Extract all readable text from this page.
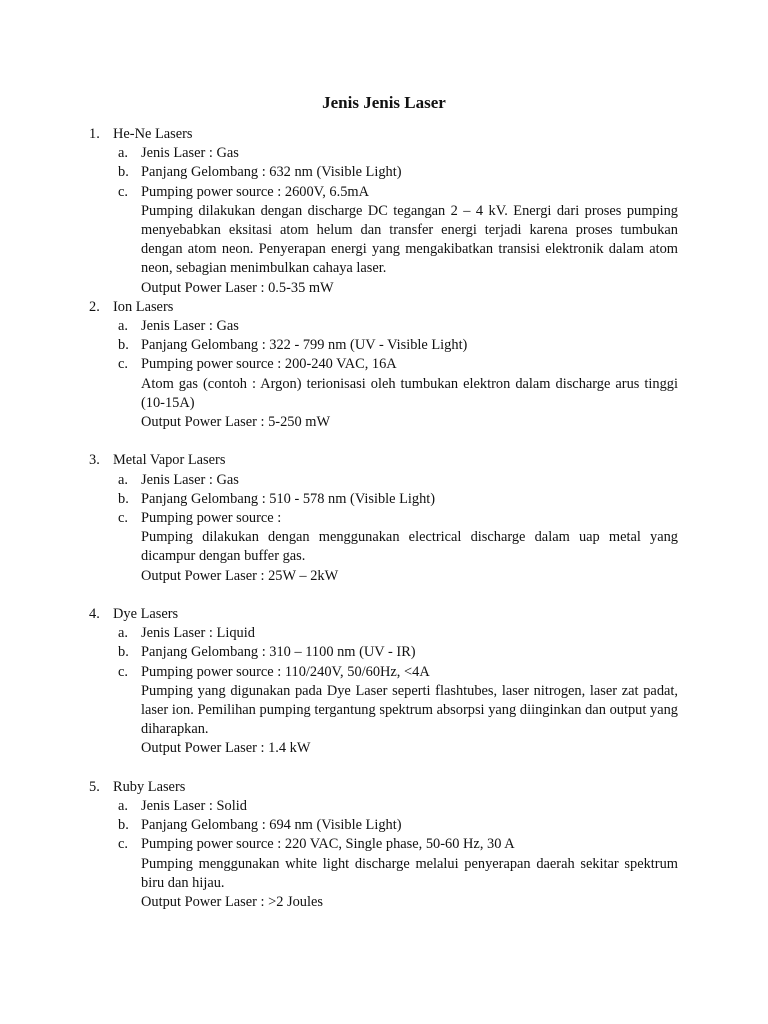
Jenis Jenis Laser
1. He-Ne Lasers
a. Jenis Laser : Gas
b. Panjang Gelombang : 632 nm (Visible Light)
c. Pumping power source : 2600V, 6.5mA
Pumping dilakukan dengan discharge DC tegangan 2 – 4 kV. Energi dari proses pumping menyebabkan eksitasi atom helum dan transfer energi terjadi karena proses tumbukan dengan atom neon. Penyerapan energi yang mengakibatkan transisi elektronik dalam atom neon, sebagian menimbulkan cahaya laser.
Output Power Laser : 0.5-35 mW
2. Ion Lasers
a. Jenis Laser : Gas
b. Panjang Gelombang : 322 - 799 nm (UV - Visible Light)
c. Pumping power source : 200-240 VAC, 16A
Atom gas (contoh : Argon) terionisasi oleh tumbukan elektron dalam discharge arus tinggi (10-15A)
Output Power Laser : 5-250 mW
3. Metal Vapor Lasers
a. Jenis Laser : Gas
b. Panjang Gelombang : 510 - 578 nm (Visible Light)
c. Pumping power source :
Pumping dilakukan dengan menggunakan electrical discharge dalam uap metal yang dicampur dengan buffer gas.
Output Power Laser : 25W – 2kW
4. Dye Lasers
a. Jenis Laser : Liquid
b. Panjang Gelombang : 310 – 1100 nm (UV - IR)
c. Pumping power source : 110/240V, 50/60Hz, <4A
Pumping yang digunakan pada Dye Laser seperti flashtubes, laser nitrogen, laser zat padat, laser ion. Pemilihan pumping tergantung spektrum absorpsi yang diinginkan dan output yang diharapkan.
Output Power Laser : 1.4 kW
5. Ruby Lasers
a. Jenis Laser : Solid
b. Panjang Gelombang : 694 nm (Visible Light)
c. Pumping power source : 220 VAC, Single phase, 50-60 Hz, 30 A
Pumping menggunakan white light discharge melalui penyerapan daerah sekitar spektrum biru dan hijau.
Output Power Laser : >2 Joules
